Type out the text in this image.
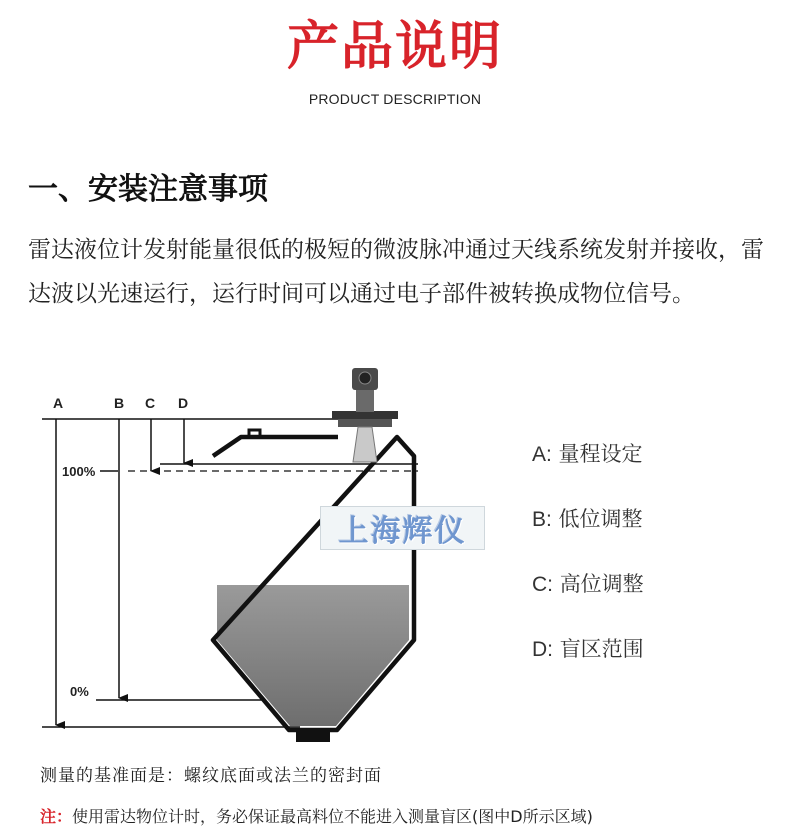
产品说明
PRODUCT DESCRIPTION
一、安装注意事项
雷达液位计发射能量很低的极短的微波脉冲通过天线系统发射并接收，雷达波以光速运行，运行时间可以通过电子部件被转换成物位信号。
A	B C D
100%
0%
上海辉仪
A: 量程设定
B: 低位调整
C: 高位调整
D: 盲区范围
测量的基准面是：螺纹底面或法兰的密封面
注：使用雷达物位计时，务必保证最高料位不能进入测量盲区(图中D所示区域)
